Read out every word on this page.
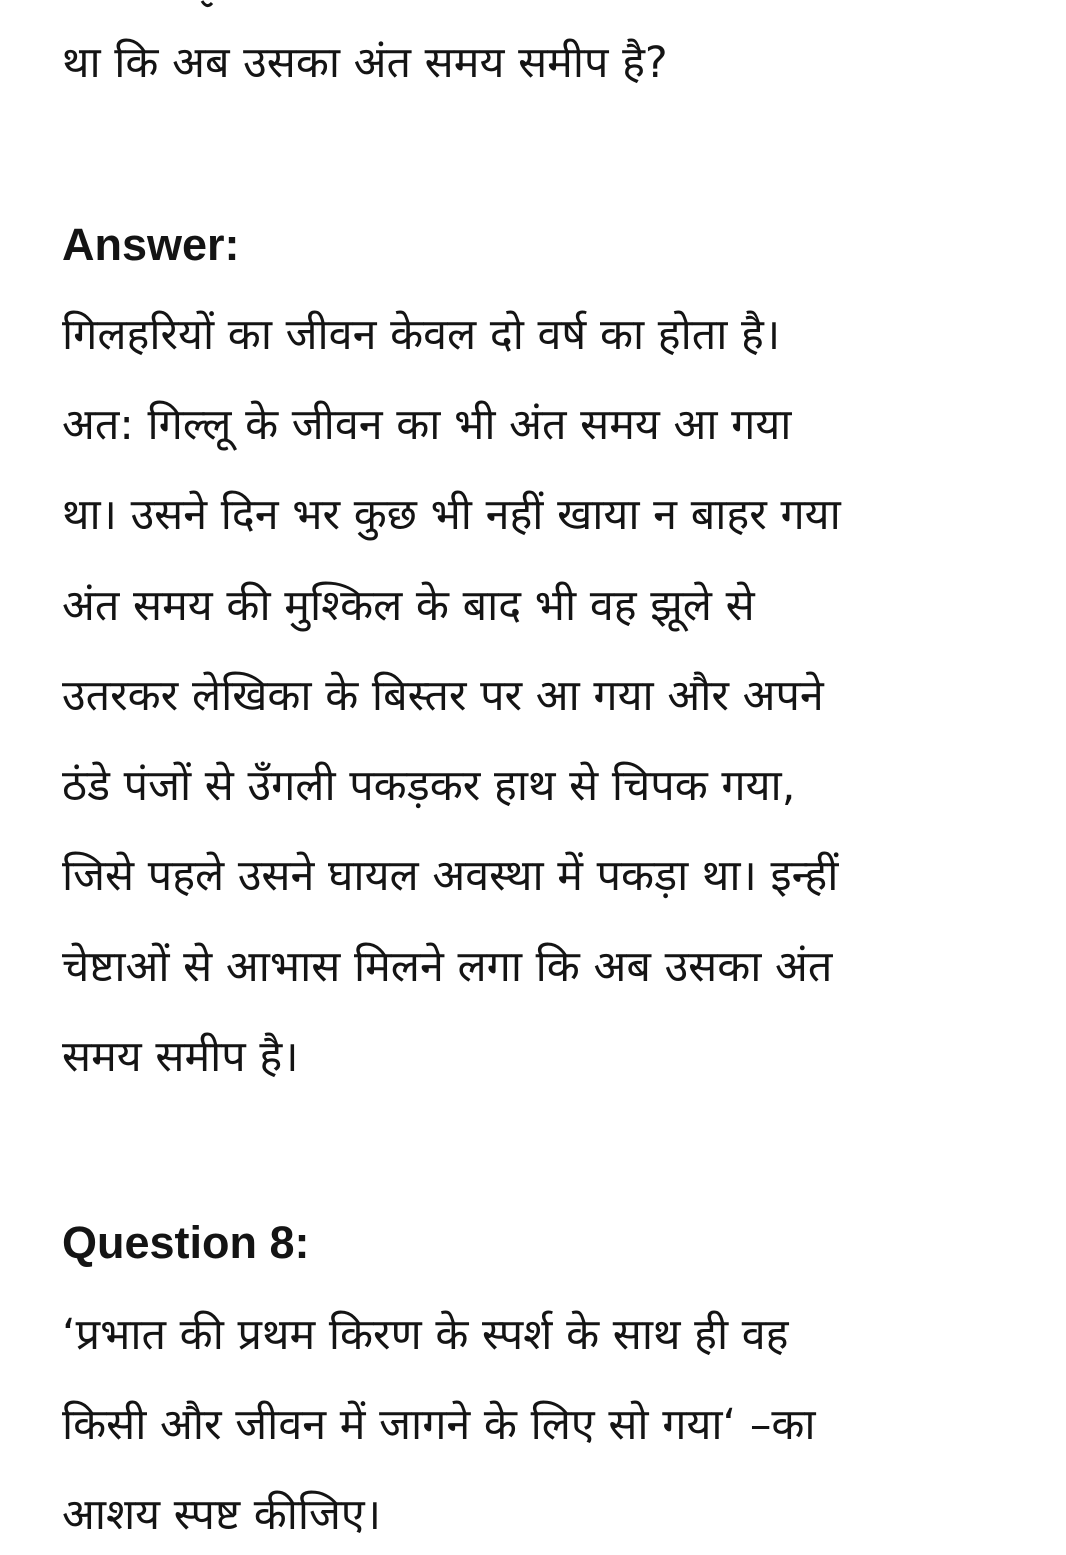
था कि अब उसका अंत समय समीप है?

Answer:

गिलहरियों का जीवन केवल दो वर्ष का होता है।

अत: गिल्लू के जीवन का भी अंत समय आ गया

था। उसने दिन भर कुछ भी नहीं खाया न बाहर गया

अंत समय की मुश्किल के बाद भी वह झूले से

उतरकर लेखिका के बिस्तर पर आ गया और अपने

ठंडे पंजों से उँगली पकड़कर हाथ से चिपक गया,

जिसे पहले उसने घायल अवस्था में पकड़ा था। इन्हीं

चेष्टाओं से आभास मिलने लगा कि अब उसका अंत

समय समीप है।

Question 8:

‘प्रभात की प्रथम किरण के स्पर्श के साथ ही वह

किसी और जीवन में जागने के लिए सो गया‘ –का

आशय स्पष्ट कीजिए।
